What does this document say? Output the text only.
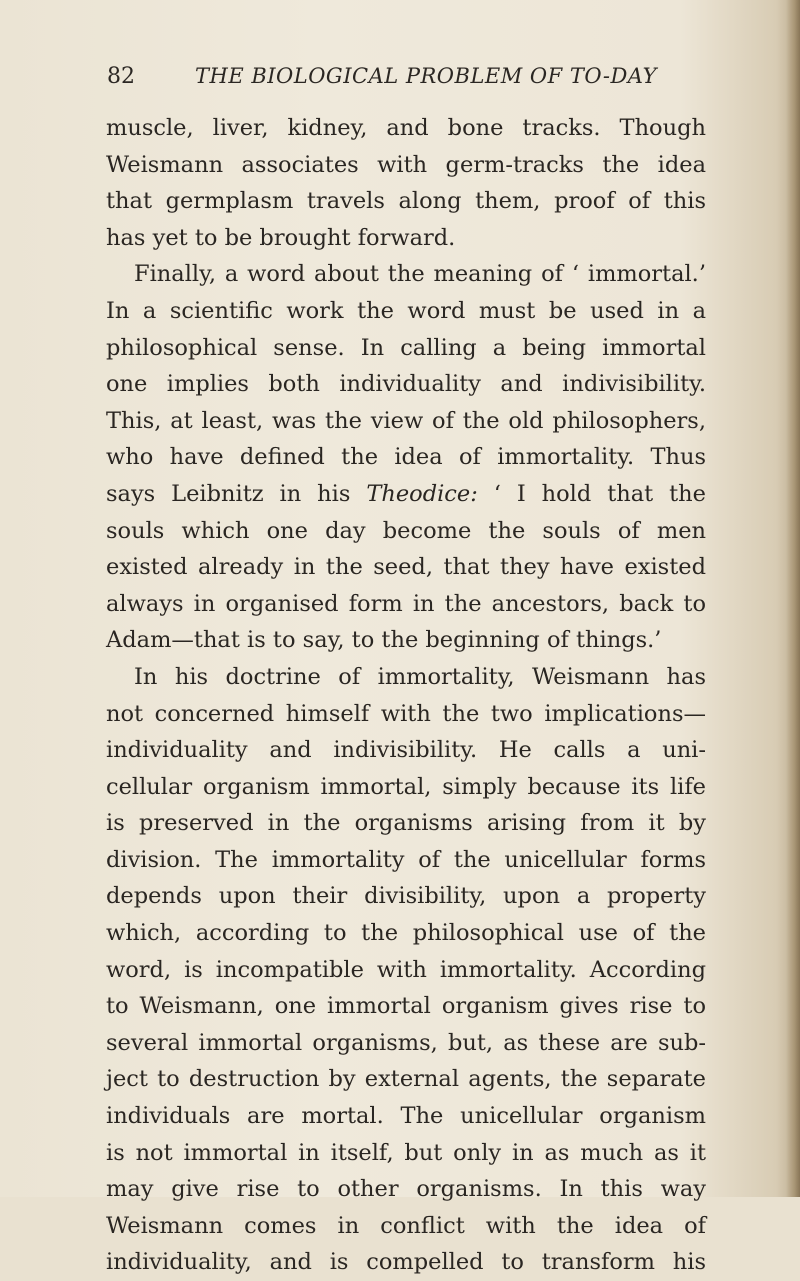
82	THE BIOLOGICAL PROBLEM OF TO-DAY
muscle, liver, kidney, and bone tracks. Though
Weismann associates with germ-tracks the idea
that germplasm travels along them, proof of this
has yet to be brought forward.
Finally, a word about the meaning of ‘ immortal.’
In a scientific work the word must be used in a
philosophical sense. In calling a being immortal
one implies both individuality and indivisibility.
This, at least, was the view of the old philosophers,
who have defined the idea of immortality. Thus
says Leibnitz in his Theodice: ‘ I hold that the
souls which one day become the souls of men
existed already in the seed, that they have existed
always in organised form in the ancestors, back to
Adam—that is to say, to the beginning of things.’
In his doctrine of immortality, Weismann has
not concerned himself with the two implications—
individuality and indivisibility. He calls a uni-
cellular organism immortal, simply because its life
is preserved in the organisms arising from it by
division. The immortality of the unicellular forms
depends upon their divisibility, upon a property
which, according to the philosophical use of the
word, is incompatible with immortality. According
to Weismann, one immortal organism gives rise to
several immortal organisms, but, as these are sub-
ject to destruction by external agents, the separate
individuals are mortal. The unicellular organism
is not immortal in itself, but only in as much as it
may give rise to other organisms. In this way
Weismann comes in conflict with the idea of
individuality, and is compelled to transform his
